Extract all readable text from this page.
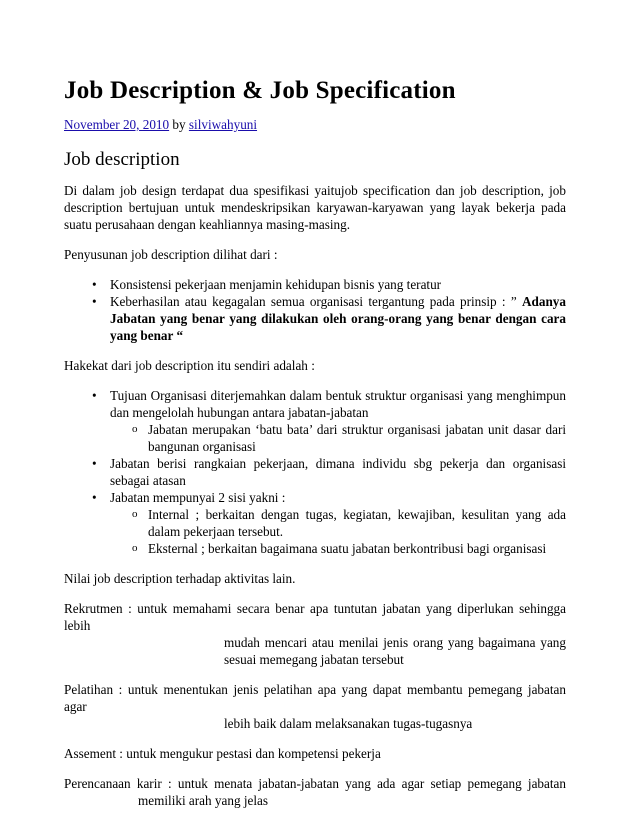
Job Description & Job Specification
November 20, 2010 by silviwahyuni
Job description

Di dalam job design terdapat dua spesifikasi yaitujob specification dan job description, job description bertujuan untuk mendeskripsikan karyawan-karyawan yang layak bekerja pada suatu perusahaan dengan keahliannya masing-masing.

Penyusunan job description dilihat dari :

• Konsistensi pekerjaan menjamin kehidupan bisnis yang teratur
• Keberhasilan atau kegagalan semua organisasi tergantung pada prinsip : ” Adanya Jabatan yang benar yang dilakukan oleh orang-orang yang benar dengan cara yang benar “

Hakekat dari job description itu sendiri adalah :

• Tujuan Organisasi diterjemahkan dalam bentuk struktur organisasi yang menghimpun dan mengelolah hubungan antara jabatan-jabatan
o Jabatan merupakan ‘batu bata’ dari struktur organisasi jabatan unit dasar dari bangunan organisasi
• Jabatan berisi rangkaian pekerjaan, dimana individu sbg pekerja dan organisasi sebagai atasan
• Jabatan mempunyai 2 sisi yakni :
o Internal ; berkaitan dengan tugas, kegiatan, kewajiban, kesulitan yang ada dalam pekerjaan tersebut.
o Eksternal ; berkaitan bagaimana suatu jabatan berkontribusi bagi organisasi

Nilai job description terhadap aktivitas lain.

Rekrutmen : untuk memahami secara benar apa tuntutan jabatan yang diperlukan sehingga lebih
mudah mencari atau menilai jenis orang yang bagaimana yang sesuai memegang jabatan tersebut
Pelatihan : untuk menentukan jenis pelatihan apa yang dapat membantu pemegang jabatan agar
lebih baik dalam melaksanakan tugas-tugasnya

Assement : untuk mengukur pestasi dan kompetensi pekerja

Perencanaan karir : untuk menata jabatan-jabatan yang ada agar setiap pemegang jabatan
memiliki arah yang jelas
